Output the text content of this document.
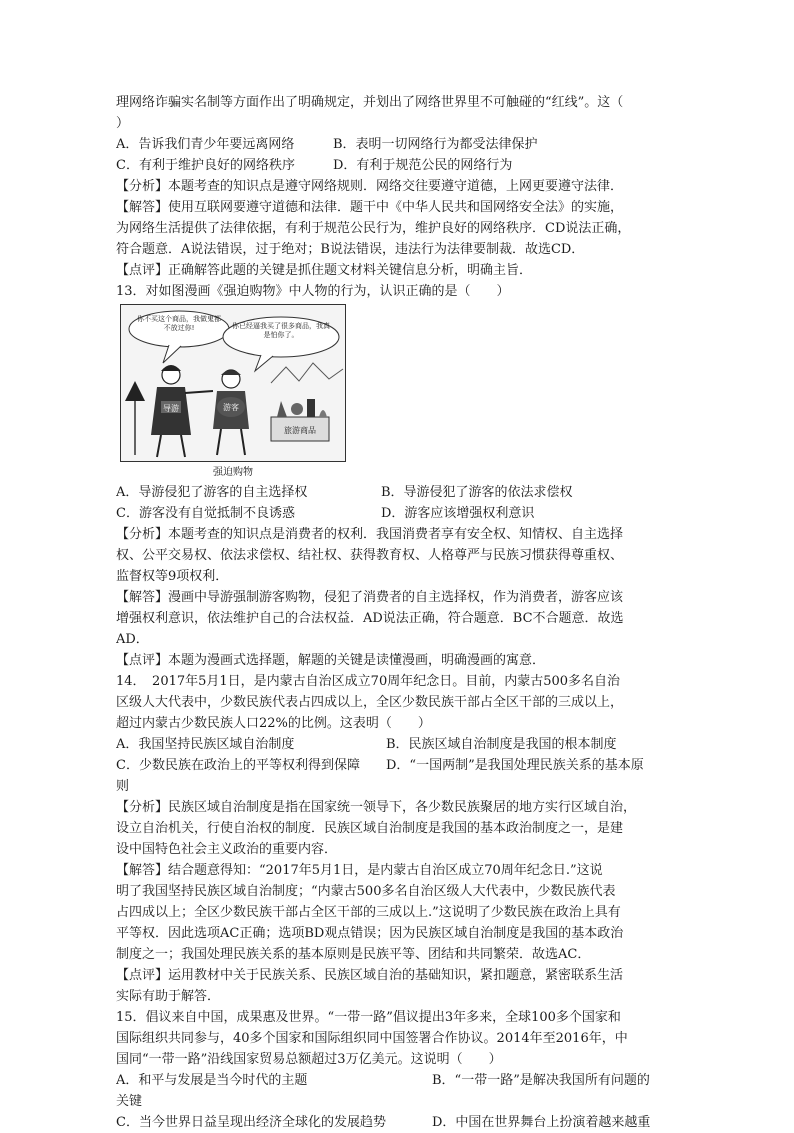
理网络诈骗实名制等方面作出了明确规定，并划出了网络世界里不可触碰的“红线”。这（
）
A．告诉我们青少年要远离网络	B．表明一切网络行为都受法律保护
C．有利于维护良好的网络秩序	D．有利于规范公民的网络行为
【分析】本题考查的知识点是遵守网络规则．网络交往要遵守道德，上网更要遵守法律．
【解答】使用互联网要遵守道德和法律．题干中《中华人民共和国网络安全法》的实施，
为网络生活提供了法律依据，有利于规范公民行为，维护良好的网络秩序．CD说法正确，
符合题意．A说法错误，过于绝对；B说法错误，违法行为法律要制裁．故选CD．
【点评】正确解答此题的关键是抓住题文材料关键信息分析，明确主旨．
13．对如图漫画《强迫购物》中人物的行为，认识正确的是（　　）
你不买这个商品，我做鬼都不放过你!	你已经逼我买了很多商品，我真是怕你了。
导游	游客
旅游商品
强迫购物
A．导游侵犯了游客的自主选择权	B．导游侵犯了游客的依法求偿权
C．游客没有自觉抵制不良诱惑	D．游客应该增强权利意识
【分析】本题考查的知识点是消费者的权利．我国消费者享有安全权、知情权、自主选择
权、公平交易权、依法求偿权、结社权、获得教育权、人格尊严与民族习惯获得尊重权、
监督权等9项权利．
【解答】漫画中导游强制游客购物，侵犯了消费者的自主选择权，作为消费者，游客应该
增强权利意识，依法维护自己的合法权益．AD说法正确，符合题意．BC不合题意．故选
AD．
【点评】本题为漫画式选择题，解题的关键是读懂漫画，明确漫画的寓意．
14．　2017年5月1日，是内蒙古自治区成立70周年纪念日。目前，内蒙古500多名自治
区级人大代表中，少数民族代表占四成以上，全区少数民族干部占全区干部的三成以上，
超过内蒙古少数民族人口22%的比例。这表明（　　）
A．我国坚持民族区域自治制度	B．民族区域自治制度是我国的根本制度
C．少数民族在政治上的平等权利得到保障	D．“一国两制”是我国处理民族关系的基本原
则
【分析】民族区域自治制度是指在国家统一领导下，各少数民族聚居的地方实行区域自治，
设立自治机关，行使自治权的制度．民族区域自治制度是我国的基本政治制度之一，是建
设中国特色社会主义政治的重要内容．
【解答】结合题意得知：“2017年5月1日，是内蒙古自治区成立70周年纪念日.”这说
明了我国坚持民族区域自治制度；“内蒙古500多名自治区级人大代表中，少数民族代表
占四成以上；全区少数民族干部占全区干部的三成以上.”这说明了少数民族在政治上具有
平等权．因此选项AC正确；选项BD观点错误；因为民族区域自治制度是我国的基本政治
制度之一；我国处理民族关系的基本原则是民族平等、团结和共同繁荣．故选AC．
【点评】运用教材中关于民族关系、民族区域自治的基础知识，紧扣题意，紧密联系生活
实际有助于解答．
15．倡议来自中国，成果惠及世界。“一带一路”倡议提出3年多来，全球100多个国家和
国际组织共同参与，40多个国家和国际组织同中国签署合作协议。2014年至2016年，中
国同“一带一路”沿线国家贸易总额超过3万亿美元。这说明（　　）
A．和平与发展是当今时代的主题	B．“一带一路”是解决我国所有问题的
关键
C．当今世界日益呈现出经济全球化的发展趋势	D．中国在世界舞台上扮演着越来越重
